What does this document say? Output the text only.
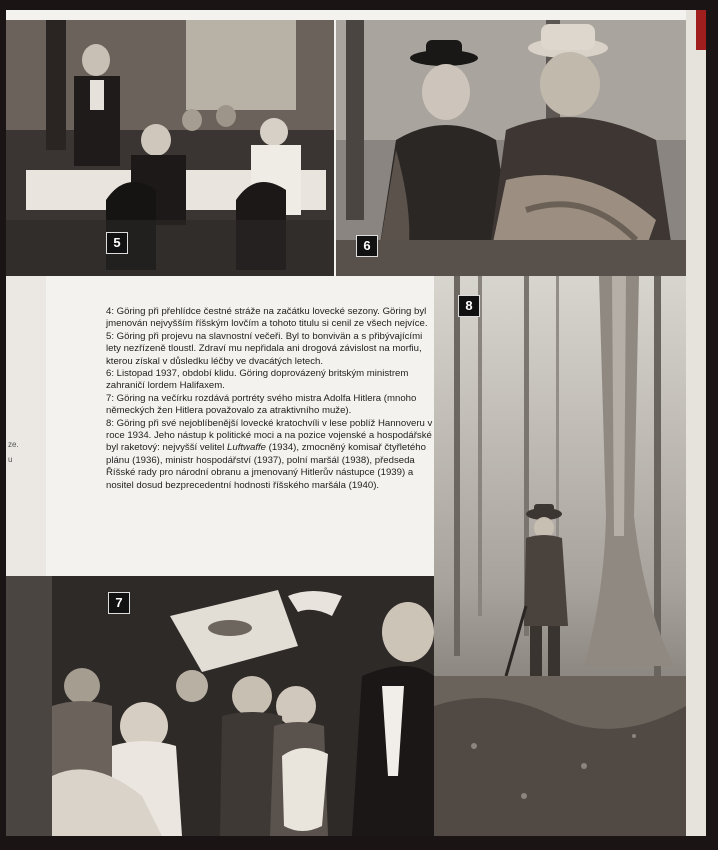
5	6
ze.
u

4: Göring při přehlídce čestné stráže na začátku lovecké sezony. Göring byl jmenován nejvyšším říšským lovčím a tohoto titulu si cenil ze všech nejvíce.

5: Göring při projevu na slavnostní večeři. Byl to bonvivän a s přibývajícími lety nezřízeně tloustl. Zdraví mu nepřidala ani drogová závislost na morfiu, kterou získal v důsledku léčby ve dvacátých letech.

6: Listopad 1937, období klidu. Göring doprovázený britským ministrem zahraničí lordem Halifaxem.

7: Göring na večírku rozdává portréty svého mistra Adolfa Hitlera (mnoho německých žen Hitlera považovalo za atraktivního muže).

8: Göring při své nejoblíbenější lovecké kratochvíli v lese poblíž Hannoveru v roce 1934. Jeho nástup k politické moci a na pozice vojenské a hospodářské byl raketový: nejvyšší velitel Luftwaffe (1934), zmocněný komisař čtyřletého plánu (1936), ministr hospodářství (1937), polní maršál (1938), předseda Říšské rady pro národní obranu a jmenovaný Hitlerův nástupce (1939) a nositel dosud bezprecedentní hodnosti říšského maršála (1940).

8
7
